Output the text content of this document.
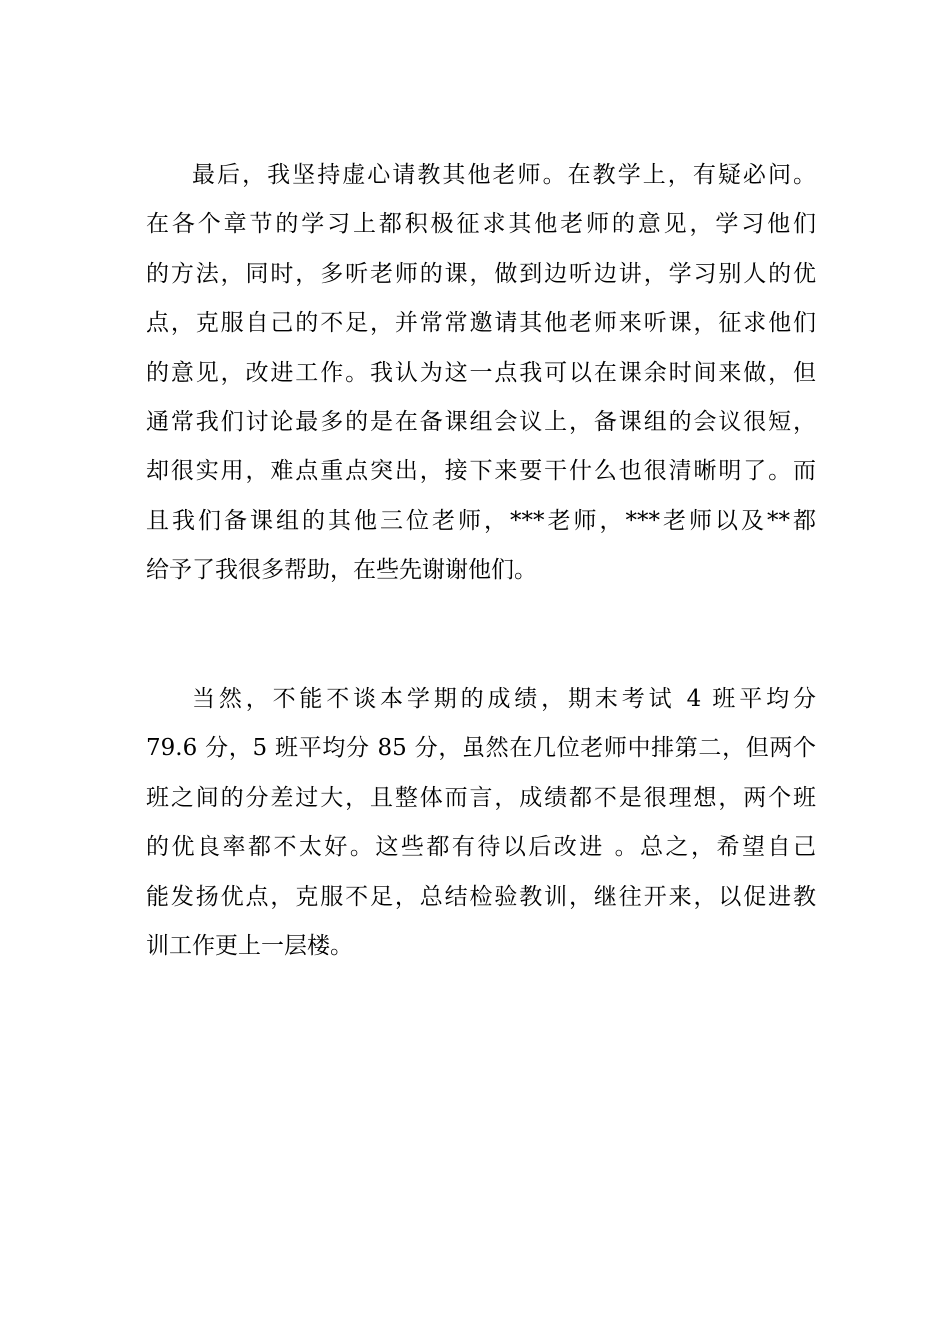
最后，我坚持虚心请教其他老师。在教学上，有疑必问。
在各个章节的学习上都积极征求其他老师的意见，学习他们
的方法，同时，多听老师的课，做到边听边讲，学习别人的优
点，克服自己的不足，并常常邀请其他老师来听课，征求他们
的意见，改进工作。我认为这一点我可以在课余时间来做，但
通常我们讨论最多的是在备课组会议上，备课组的会议很短，
却很实用，难点重点突出，接下来要干什么也很清晰明了。而
且我们备课组的其他三位老师，***老师，***老师以及**都
给予了我很多帮助，在些先谢谢他们。
当然，不能不谈本学期的成绩，期末考试 4 班平均分
79.6 分，5 班平均分 85 分，虽然在几位老师中排第二，但两个
班之间的分差过大，且整体而言，成绩都不是很理想，两个班
的优良率都不太好。这些都有待以后改进 。总之，希望自己
能发扬优点，克服不足，总结检验教训，继往开来，以促进教
训工作更上一层楼。
